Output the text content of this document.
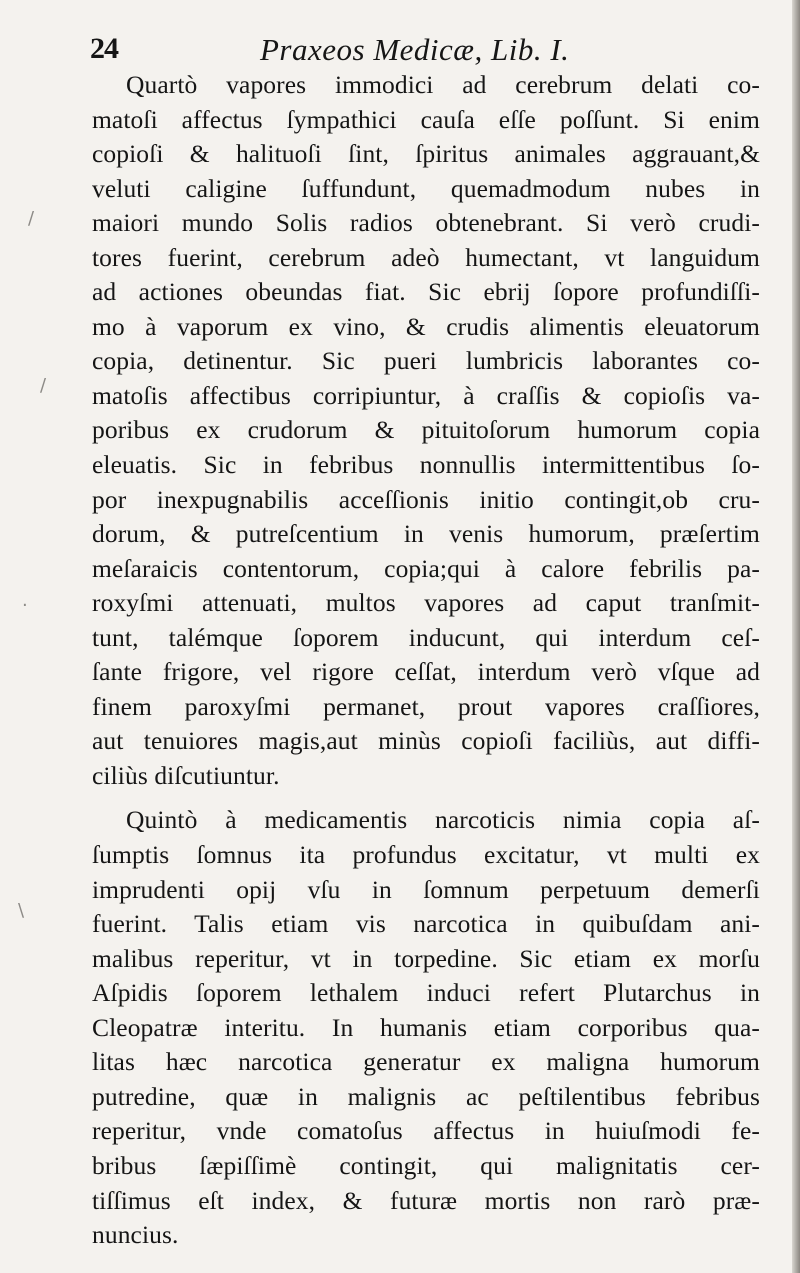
24	Praxeos Medicæ, Lib. I.
/
/
·
\
Quartò vapores immodici ad cerebrum delati co-
matoſi affectus ſympathici cauſa eſſe poſſunt. Si enim
copioſi & halituoſi ſint, ſpiritus animales aggrauant,&
veluti caligine ſuffundunt, quemadmodum nubes in
maiori mundo Solis radios obtenebrant. Si verò crudi-
tores fuerint, cerebrum adeò humectant, vt languidum
ad actiones obeundas fiat. Sic ebrij ſopore profundiſſi-
mo à vaporum ex vino, & crudis alimentis eleuatorum
copia, detinentur. Sic pueri lumbricis laborantes co-
matoſis affectibus corripiuntur, à craſſis & copioſis va-
poribus ex crudorum & pituitoſorum humorum copia
eleuatis. Sic in febribus nonnullis intermittentibus ſo-
por inexpugnabilis acceſſionis initio contingit,ob cru-
dorum, & putreſcentium in venis humorum, præſertim
meſaraicis contentorum, copia;qui à calore febrilis pa-
roxyſmi attenuati, multos vapores ad caput tranſmit-
tunt, talémque ſoporem inducunt, qui interdum ceſ-
ſante frigore, vel rigore ceſſat, interdum verò vſque ad
finem paroxyſmi permanet, prout vapores craſſiores,
aut tenuiores magis,aut minùs copioſi faciliùs, aut diffi-
ciliùs diſcutiuntur.
Quintò à medicamentis narcoticis nimia copia aſ-
ſumptis ſomnus ita profundus excitatur, vt multi ex
imprudenti opij vſu in ſomnum perpetuum demerſi
fuerint. Talis etiam vis narcotica in quibuſdam ani-
malibus reperitur, vt in torpedine. Sic etiam ex morſu
Aſpidis ſoporem lethalem induci refert Plutarchus in
Cleopatræ interitu. In humanis etiam corporibus qua-
litas hæc narcotica generatur ex maligna humorum
putredine, quæ in malignis ac peſtilentibus febribus
reperitur, vnde comatoſus affectus in huiuſmodi fe-
bribus ſæpiſſimè contingit, qui malignitatis cer-
tiſſimus eſt index, & futuræ mortis non rarò præ-
nuncius.
